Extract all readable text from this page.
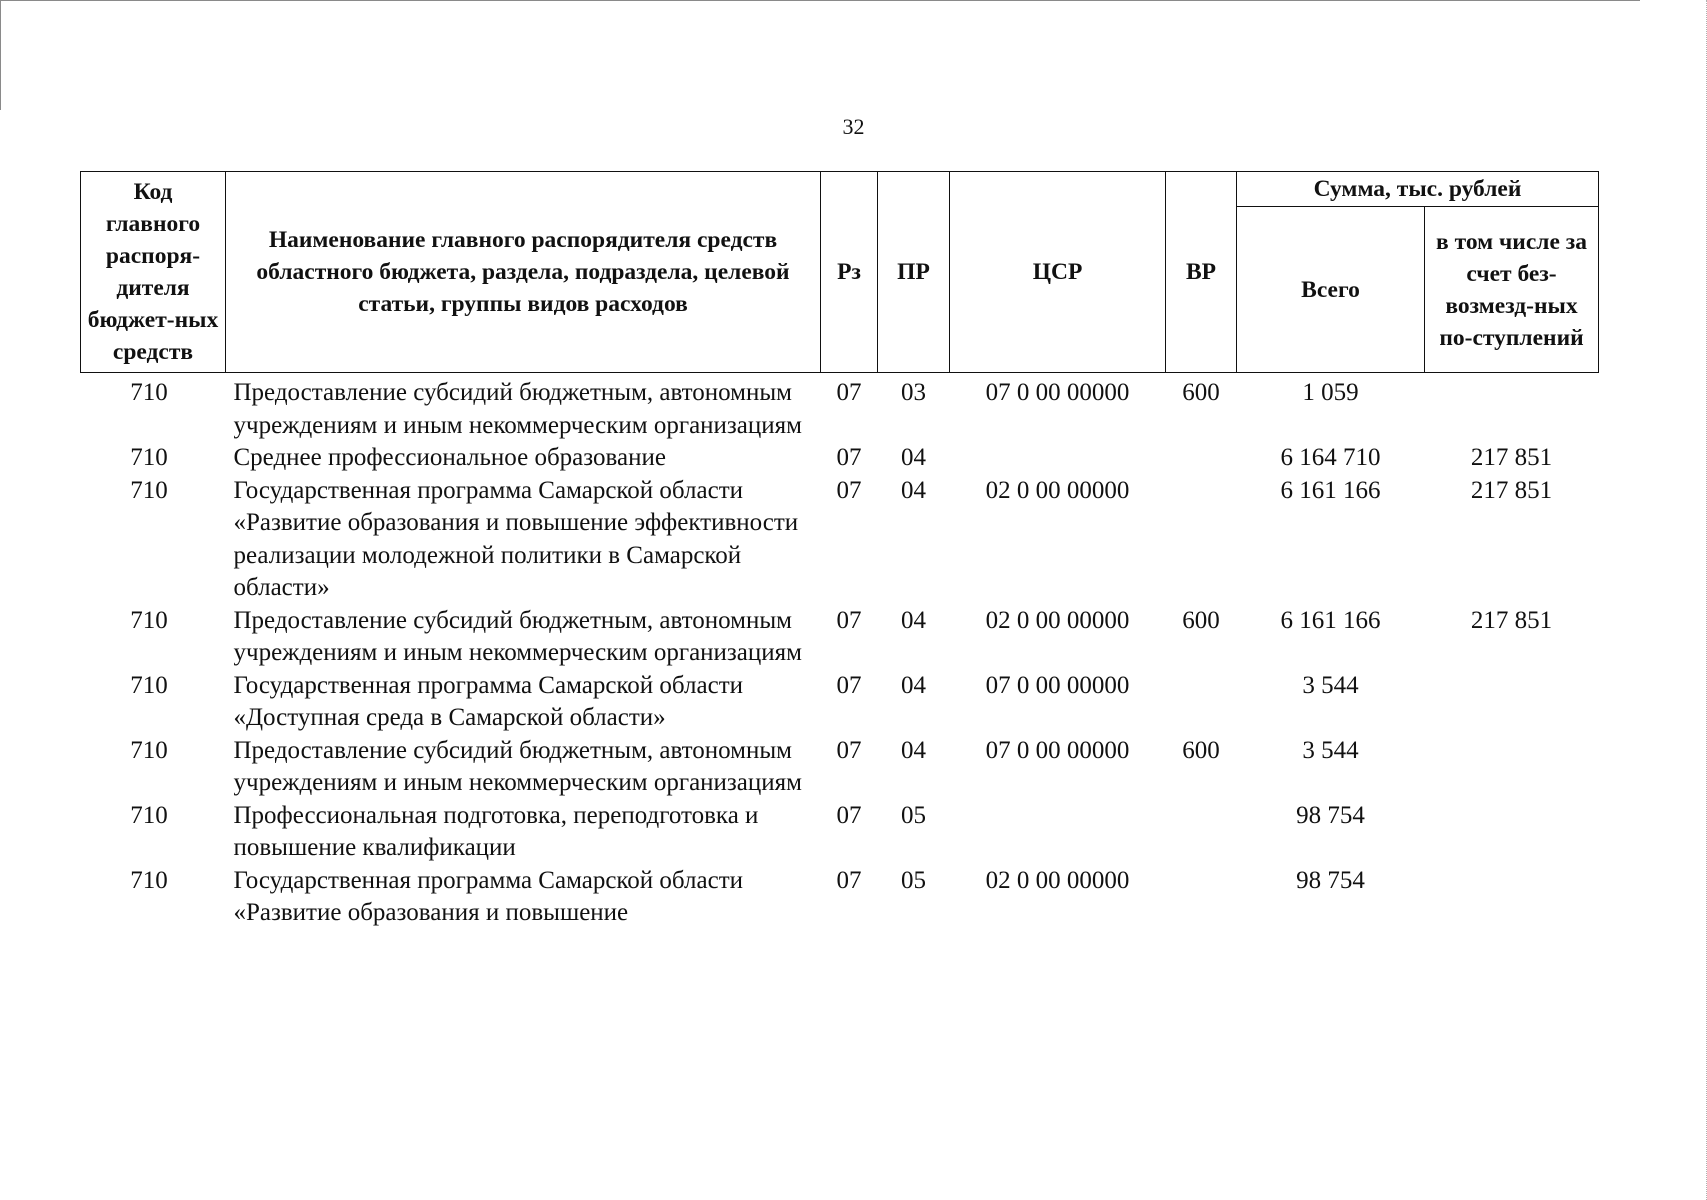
32
Код главного распоря-дителя бюджет-ных средств	Наименование главного распорядителя средств областного бюджета, раздела, подраздела, целевой статьи, группы видов расходов	Рз	ПР	ЦСР	ВР	Сумма, тыс. рублей	
						Всего	в том числе за счет без-возмезд-ных по-ступлений
710	Предоставление субсидий бюджетным, автономным учреждениям и иным некоммерческим организациям	07	03	07 0 00 00000	600	1 059	
710	Среднее профессиональное образование	07	04			6 164 710	217 851
710	Государственная программа Самарской области «Развитие образования и повышение эффективности реализации молодежной политики в Самарской области»	07	04	02 0 00 00000		6 161 166	217 851
710	Предоставление субсидий бюджетным, автономным учреждениям и иным некоммерческим организациям	07	04	02 0 00 00000	600	6 161 166	217 851
710	Государственная программа Самарской области «Доступная среда в Самарской области»	07	04	07 0 00 00000		3 544	
710	Предоставление субсидий бюджетным, автономным учреждениям и иным некоммерческим организациям	07	04	07 0 00 00000	600	3 544	
710	Профессиональная подготовка, переподготовка и повышение квалификации	07	05			98 754	
710	Государственная программа Самарской области «Развитие образования и повышение	07	05	02 0 00 00000		98 754	
